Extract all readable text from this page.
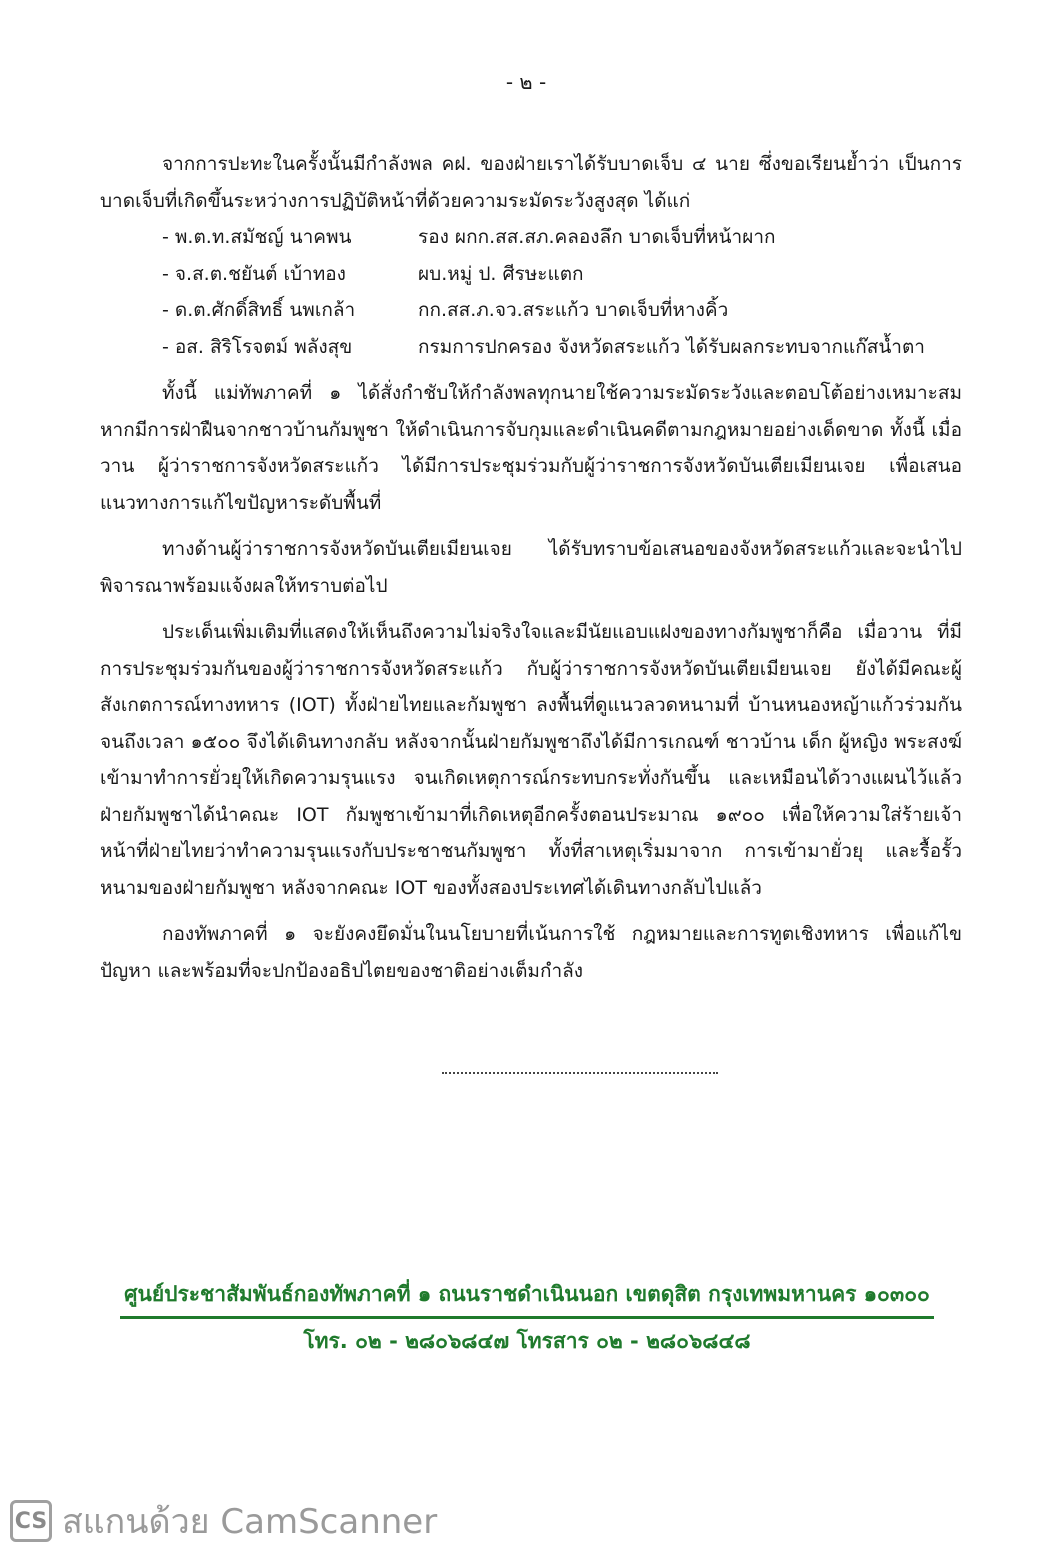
- ๒ -

จากการปะทะในครั้งนั้นมีกำลังพล คฝ. ของฝ่ายเราได้รับบาดเจ็บ ๔ นาย ซึ่งขอเรียนย้ำว่า เป็นการบาดเจ็บที่เกิดขึ้นระหว่างการปฏิบัติหน้าที่ด้วยความระมัดระวังสูงสุด ได้แก่

- พ.ต.ท.สมัชญ์ นาคพน	รอง ผกก.สส.สภ.คลองลึก บาดเจ็บที่หน้าผาก
- จ.ส.ต.ชยันต์ เบ้าทอง	ผบ.หมู่ ป. ศีรษะแตก
- ด.ต.ศักดิ์สิทธิ์ นพเกล้า	กก.สส.ภ.จว.สระแก้ว บาดเจ็บที่หางคิ้ว
- อส. สิริโรจตม์ พลังสุข	กรมการปกครอง จังหวัดสระแก้ว ได้รับผลกระทบจากแก๊สน้ำตา

ทั้งนี้ แม่ทัพภาคที่ ๑ ได้สั่งกำชับให้กำลังพลทุกนายใช้ความระมัดระวังและตอบโต้อย่างเหมาะสม หากมีการฝ่าฝืนจากชาวบ้านกัมพูชา ให้ดำเนินการจับกุมและดำเนินคดีตามกฎหมายอย่างเด็ดขาด ทั้งนี้ เมื่อวาน ผู้ว่าราชการจังหวัดสระแก้ว ได้มีการประชุมร่วมกับผู้ว่าราชการจังหวัดบันเตียเมียนเจย เพื่อเสนอ แนวทางการแก้ไขปัญหาระดับพื้นที่

ทางด้านผู้ว่าราชการจังหวัดบันเตียเมียนเจย ได้รับทราบข้อเสนอของจังหวัดสระแก้วและจะนำไป พิจารณาพร้อมแจ้งผลให้ทราบต่อไป

ประเด็นเพิ่มเติมที่แสดงให้เห็นถึงความไม่จริงใจและมีนัยแอบแฝงของทางกัมพูชาก็คือ เมื่อวาน ที่มีการประชุมร่วมกันของผู้ว่าราชการจังหวัดสระแก้ว กับผู้ว่าราชการจังหวัดบันเตียเมียนเจย ยังได้มีคณะผู้สังเกตการณ์ทางทหาร (IOT) ทั้งฝ่ายไทยและกัมพูชา ลงพื้นที่ดูแนวลวดหนามที่ บ้านหนองหญ้าแก้วร่วมกัน จนถึงเวลา ๑๕๐๐ จึงได้เดินทางกลับ หลังจากนั้นฝ่ายกัมพูชาถึงได้มีการเกณฑ์ ชาวบ้าน เด็ก ผู้หญิง พระสงฆ์ เข้ามาทำการยั่วยุให้เกิดความรุนแรง จนเกิดเหตุการณ์กระทบกระทั่งกันขึ้น และเหมือนได้วางแผนไว้แล้ว ฝ่ายกัมพูชาได้นำคณะ IOT กัมพูชาเข้ามาที่เกิดเหตุอีกครั้งตอนประมาณ ๑๙๐๐ เพื่อให้ความใส่ร้ายเจ้าหน้าที่ฝ่ายไทยว่าทำความรุนแรงกับประชาชนกัมพูชา ทั้งที่สาเหตุเริ่มมาจาก การเข้ามายั่วยุ และรื้อรั้วหนามของฝ่ายกัมพูชา หลังจากคณะ IOT ของทั้งสองประเทศได้เดินทางกลับไปแล้ว

กองทัพภาคที่ ๑ จะยังคงยึดมั่นในนโยบายที่เน้นการใช้ กฎหมายและการทูตเชิงทหาร เพื่อแก้ไข ปัญหา และพร้อมที่จะปกป้องอธิปไตยของชาติอย่างเต็มกำลัง

ศูนย์ประชาสัมพันธ์กองทัพภาคที่ ๑ ถนนราชดำเนินนอก เขตดุสิต กรุงเทพมหานคร ๑๐๓๐๐
โทร. ๐๒ - ๒๘๐๖๘๔๗ โทรสาร ๐๒ - ๒๘๐๖๘๔๘
CS สแกนด้วย CamScanner
